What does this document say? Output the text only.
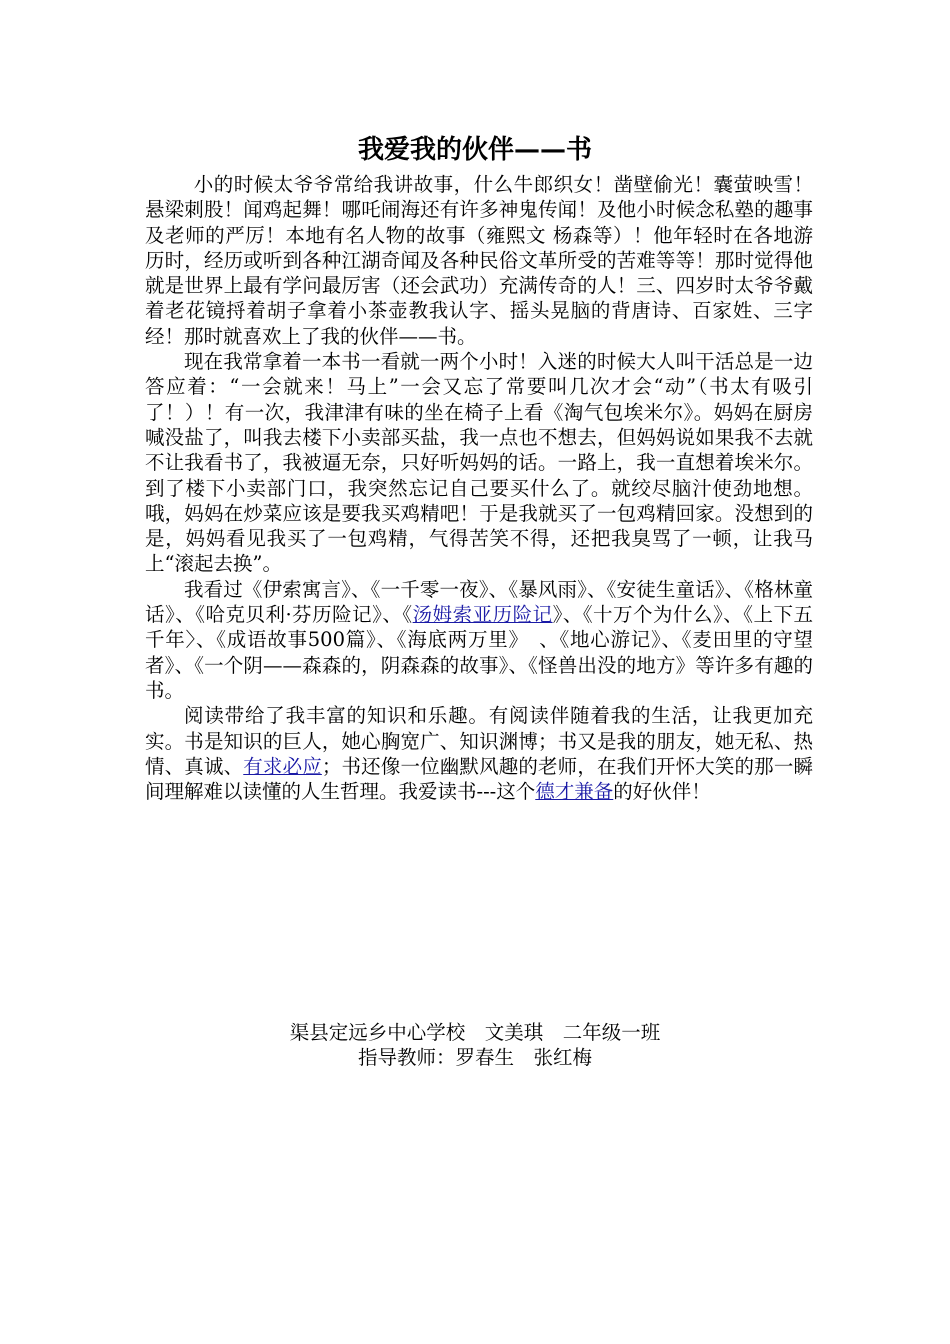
我爱我的伙伴——书

小的时候太爷爷常给我讲故事，什么牛郎织女！凿壁偷光！囊萤映雪！悬梁刺股！闻鸡起舞！哪吒闹海还有许多神鬼传闻！及他小时候念私塾的趣事及老师的严厉！本地有名人物的故事（雍熙文 杨森等）！他年轻时在各地游历时，经历或听到各种江湖奇闻及各种民俗文革所受的苦难等等！那时觉得他就是世界上最有学问最厉害（还会武功）充满传奇的人！三、四岁时太爷爷戴着老花镜捋着胡子拿着小茶壶教我认字、摇头晃脑的背唐诗、百家姓、三字经！那时就喜欢上了我的伙伴——书。

现在我常拿着一本书一看就一两个小时！入迷的时候大人叫干活总是一边答应着：“一会就来！马上”一会又忘了常要叫几次才会“动”（书太有吸引了！）！有一次，我津津有味的坐在椅子上看《淘气包埃米尔》。妈妈在厨房喊没盐了，叫我去楼下小卖部买盐，我一点也不想去，但妈妈说如果我不去就不让我看书了，我被逼无奈，只好听妈妈的话。一路上，我一直想着埃米尔。到了楼下小卖部门口，我突然忘记自己要买什么了。就绞尽脑汁使劲地想。哦，妈妈在炒菜应该是要我买鸡精吧！于是我就买了一包鸡精回家。没想到的是，妈妈看见我买了一包鸡精，气得苦笑不得，还把我臭骂了一顿，让我马上“滚起去换”。

我看过《伊索寓言》、《一千零一夜》、《暴风雨》、《安徒生童话》、《格林童话》、《哈克贝利·芬历险记》、《汤姆索亚历险记》、《十万个为什么》、《上下五千年〉、《成语故事500篇》、《海底两万里》　、《地心游记》、《麦田里的守望者》、《一个阴——森森的，阴森森的故事》、《怪兽出没的地方》等许多有趣的书。

阅读带给了我丰富的知识和乐趣。有阅读伴随着我的生活，让我更加充实。书是知识的巨人，她心胸宽广、知识渊博；书又是我的朋友，她无私、热情、真诚、有求必应；书还像一位幽默风趣的老师，在我们开怀大笑的那一瞬间理解难以读懂的人生哲理。我爱读书---这个德才兼备的好伙伴！

渠县定远乡中心学校　文美琪　二年级一班
指导教师：罗春生　张红梅
